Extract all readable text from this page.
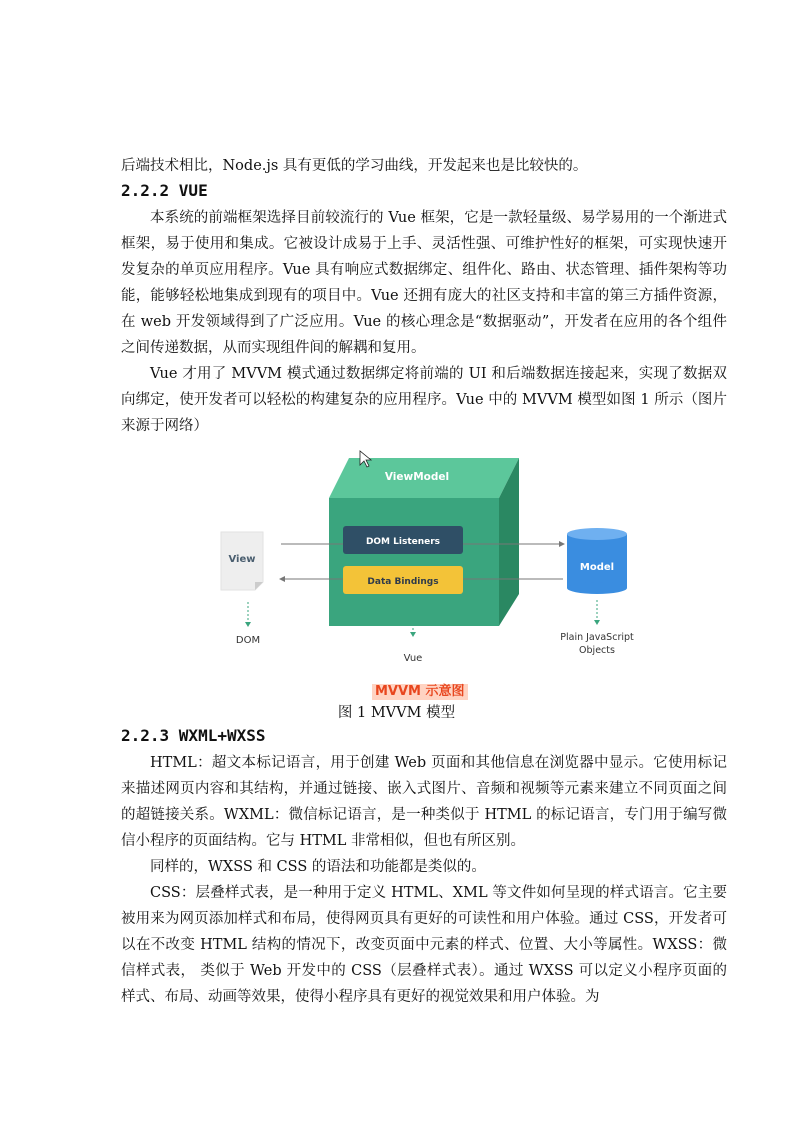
后端技术相比，Node.js 具有更低的学习曲线，开发起来也是比较快的。

2.2.2 VUE

本系统的前端框架选择目前较流行的 Vue 框架，它是一款轻量级、易学易用的一个渐进式框架，易于使用和集成。它被设计成易于上手、灵活性强、可维护性好的框架，可实现快速开发复杂的单页应用程序。Vue 具有响应式数据绑定、组件化、路由、状态管理、插件架构等功能，能够轻松地集成到现有的项目中。Vue 还拥有庞大的社区支持和丰富的第三方插件资源，在 web 开发领域得到了广泛应用。Vue 的核心理念是“数据驱动”，开发者在应用的各个组件之间传递数据，从而实现组件间的解耦和复用。

Vue 才用了 MVVM 模式通过数据绑定将前端的 UI 和后端数据连接起来，实现了数据双向绑定，使开发者可以轻松的构建复杂的应用程序。Vue 中的 MVVM 模型如图 1 所示（图片来源于网络）

ViewModel
DOM Listeners
Data Bindings
View
Model
DOM
Vue
Plain JavaScript
Objects
MVVM 示意图
图 1 MVVM 模型
2.2.3 WXML+WXSS

HTML：超文本标记语言，用于创建 Web 页面和其他信息在浏览器中显示。它使用标记来描述网页内容和其结构，并通过链接、嵌入式图片、音频和视频等元素来建立不同页面之间的超链接关系。WXML：微信标记语言，是一种类似于 HTML 的标记语言，专门用于编写微信小程序的页面结构。它与 HTML 非常相似，但也有所区别。

同样的，WXSS 和 CSS 的语法和功能都是类似的。

CSS：层叠样式表，是一种用于定义 HTML、XML 等文件如何呈现的样式语言。它主要被用来为网页添加样式和布局，使得网页具有更好的可读性和用户体验。通过 CSS，开发者可以在不改变 HTML 结构的情况下，改变页面中元素的样式、位置、大小等属性。WXSS：微信样式表， 类似于 Web 开发中的 CSS（层叠样式表）。通过 WXSS 可以定义小程序页面的样式、布局、动画等效果，使得小程序具有更好的视觉效果和用户体验。为
